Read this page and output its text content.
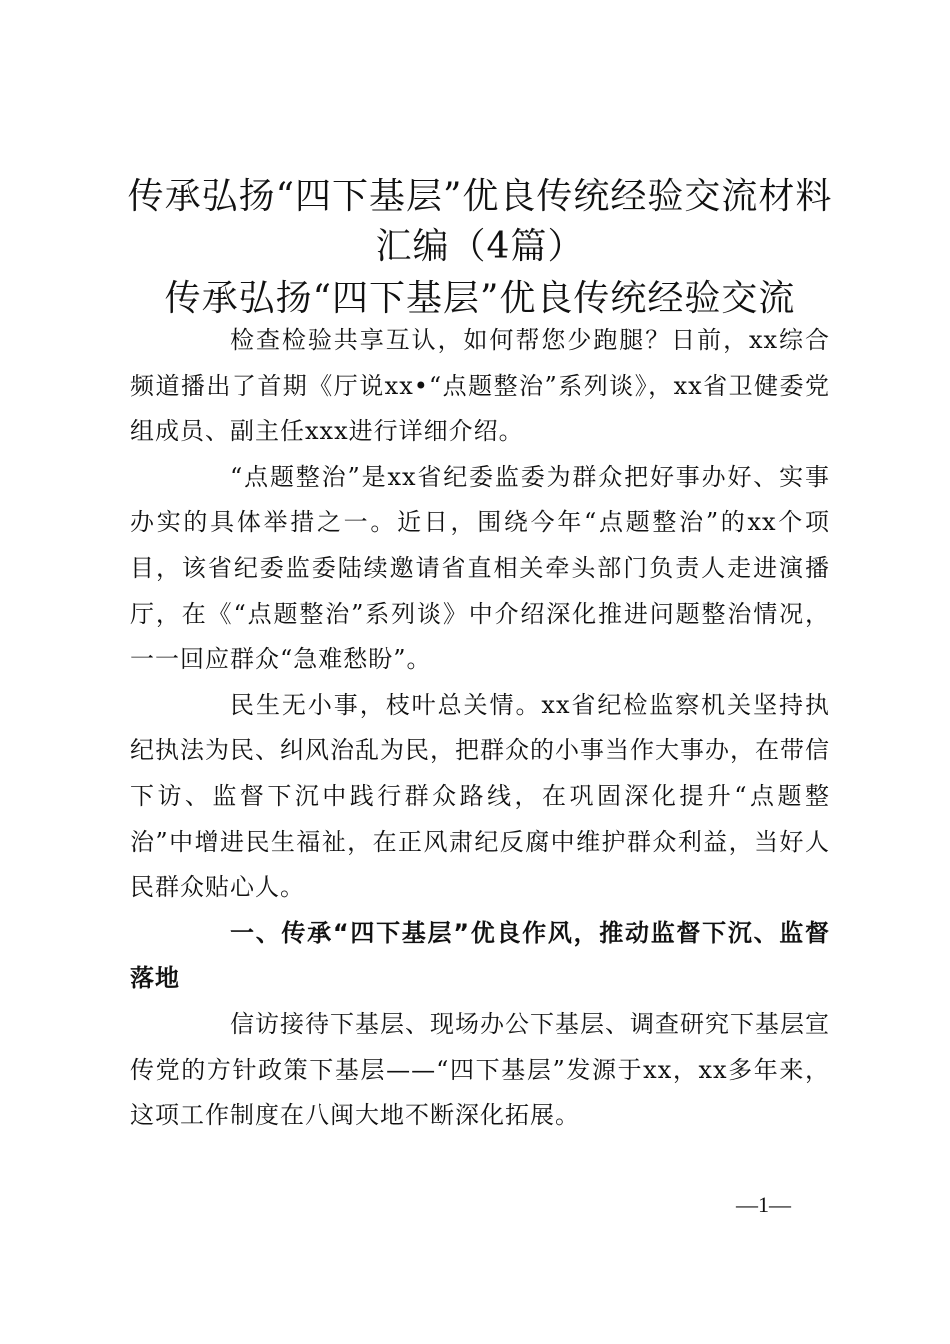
传承弘扬“四下基层”优良传统经验交流材料汇编（4篇）
传承弘扬“四下基层”优良传统经验交流

检查检验共享互认，如何帮您少跑腿？日前，xx综合频道播出了首期《厅说xx•“点题整治”系列谈》，xx省卫健委党组成员、副主任xxx进行详细介绍。

“点题整治”是xx省纪委监委为群众把好事办好、实事办实的具体举措之一。近日，围绕今年“点题整治”的xx个项目，该省纪委监委陆续邀请省直相关牵头部门负责人走进演播厅，在《“点题整治”系列谈》中介绍深化推进问题整治情况，一一回应群众“急难愁盼”。

民生无小事，枝叶总关情。xx省纪检监察机关坚持执纪执法为民、纠风治乱为民，把群众的小事当作大事办，在带信下访、监督下沉中践行群众路线，在巩固深化提升“点题整治”中增进民生福祉，在正风肃纪反腐中维护群众利益，当好人民群众贴心人。

一、传承“四下基层”优良作风，推动监督下沉、监督落地

信访接待下基层、现场办公下基层、调查研究下基层宣传党的方针政策下基层——“四下基层”发源于xx，xx多年来，这项工作制度在八闽大地不断深化拓展。

—1—
